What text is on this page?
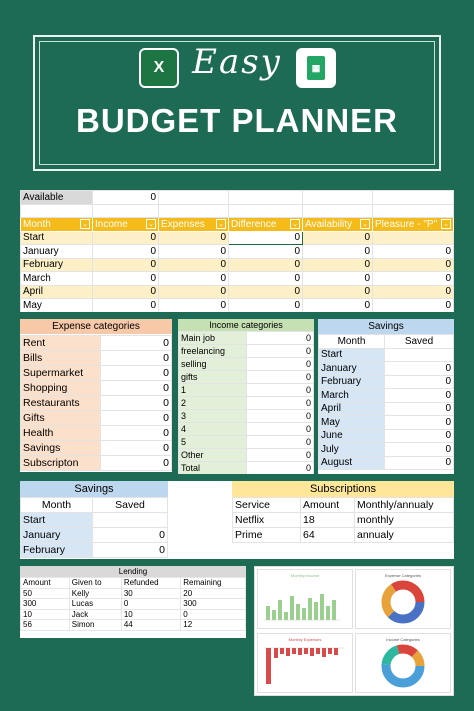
X	▦
Easy
BUDGET PLANNER
Available	0				

Month ⌄	Income ⌄	Expenses ⌄	Difference ⌄	Availability ⌄	Pleasure - "P" ⌄

Start	0	0	0	0	
January	0	0	0	0	0
February	0	0	0	0	0
March	0	0	0	0	0
April	0	0	0	0	0
May	0	0	0	0	0
Expense categories
Rent	0
Bills	0
Supermarket	0
Shopping	0
Restaurants	0
Gifts	0
Health	0
Savings	0
Subscripton	0
Income categories
Main job	0
freelancing	0
selling	0
gifts	0
1	0
2	0
3	0
4	0
5	0
Other	0
Total	0
Savings
Month	Saved
Start	
January	0
February	0
March	0
April	0
May	0
June	0
July	0
August	0
Savings
Month	Saved
Start	
January	0
February	0
Subscriptions
Service	Amount	Monthly/annualy
Netflix	18	monthly
Prime	64	annualy
Lending
Amount	Given to	Refunded	Remaining
50	Kelly	30	20
300	Lucas	0	300
10	Jack	10	0
56	Simon	44	12
Monthly Income	Expense Categories
Monthly Expenses	Income Categories
